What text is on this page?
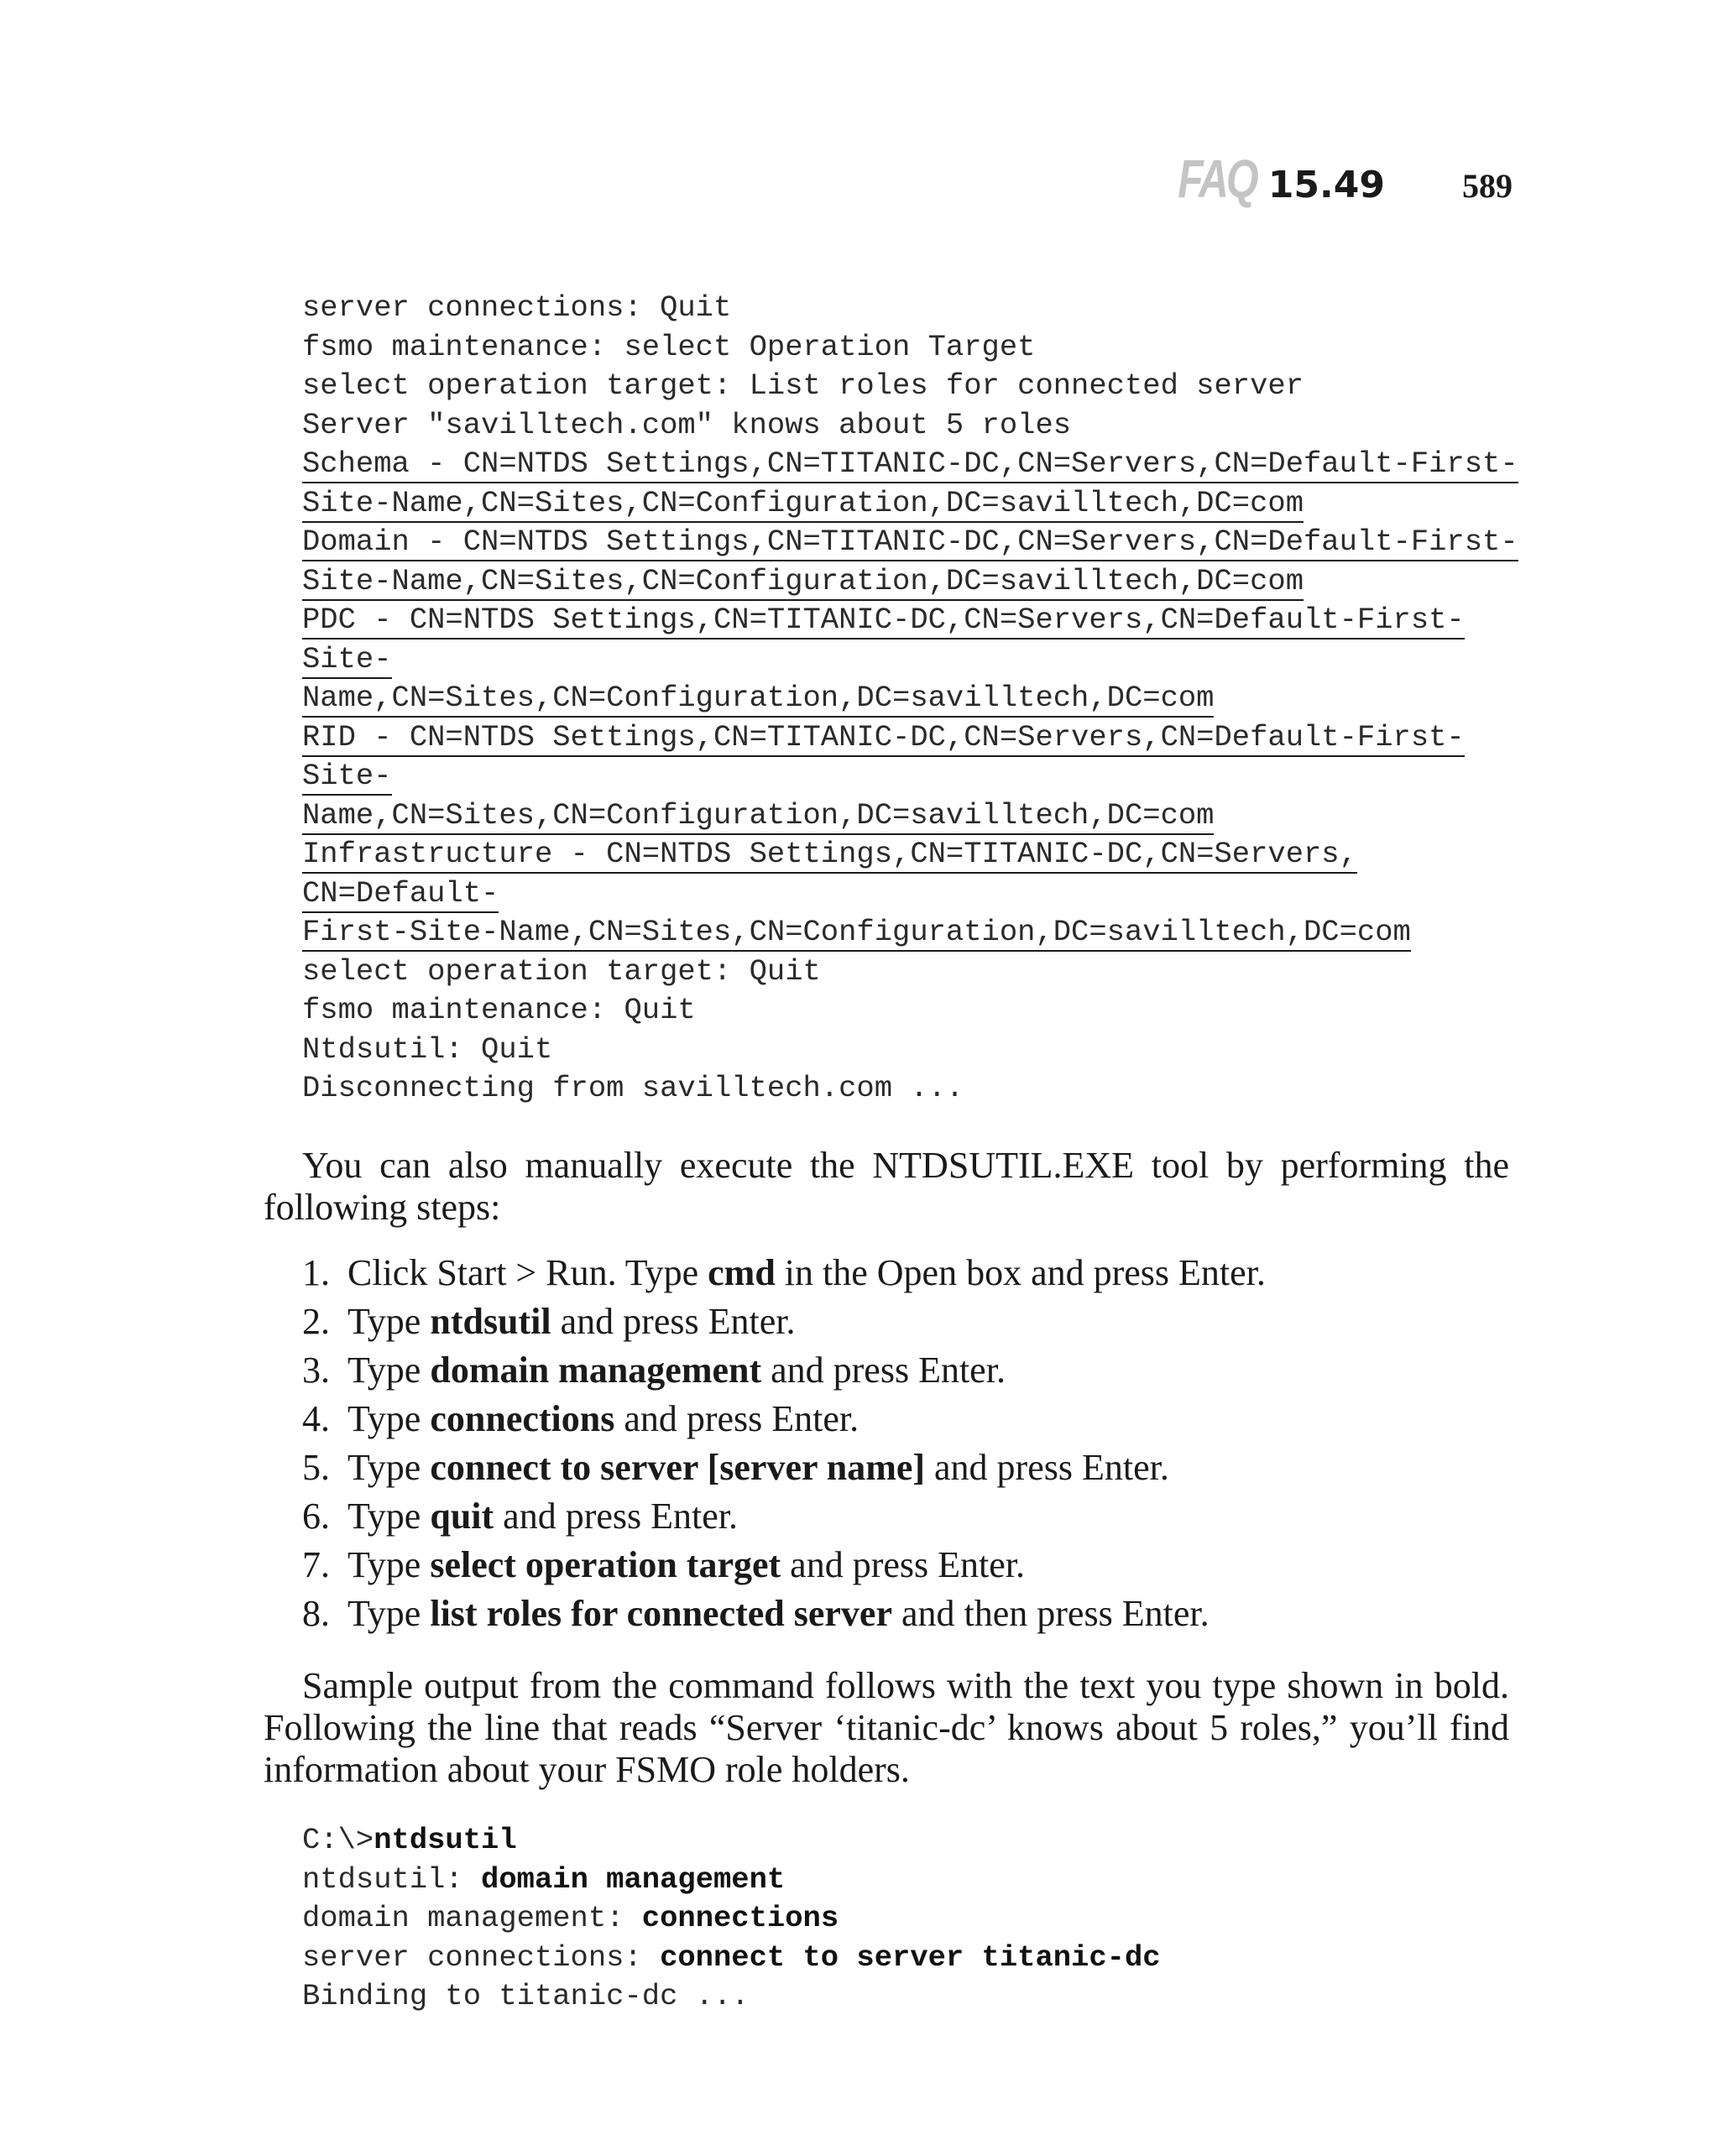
FAQ 15.49 589
server connections: Quit
fsmo maintenance: select Operation Target
select operation target: List roles for connected server
Server "savilltech.com" knows about 5 roles
Schema - CN=NTDS Settings,CN=TITANIC-DC,CN=Servers,CN=Default-First-
Site-Name,CN=Sites,CN=Configuration,DC=savilltech,DC=com
Domain - CN=NTDS Settings,CN=TITANIC-DC,CN=Servers,CN=Default-First-
Site-Name,CN=Sites,CN=Configuration,DC=savilltech,DC=com
PDC - CN=NTDS Settings,CN=TITANIC-DC,CN=Servers,CN=Default-First-
Site-
Name,CN=Sites,CN=Configuration,DC=savilltech,DC=com
RID - CN=NTDS Settings,CN=TITANIC-DC,CN=Servers,CN=Default-First-
Site-
Name,CN=Sites,CN=Configuration,DC=savilltech,DC=com
Infrastructure - CN=NTDS Settings,CN=TITANIC-DC,CN=Servers,
CN=Default-
First-Site-Name,CN=Sites,CN=Configuration,DC=savilltech,DC=com
select operation target: Quit
fsmo maintenance: Quit
Ntdsutil: Quit
Disconnecting from savilltech.com ...

You can also manually execute the NTDSUTIL.EXE tool by performing the following steps:

1. Click Start > Run. Type cmd in the Open box and press Enter.
2. Type ntdsutil and press Enter.
3. Type domain management and press Enter.
4. Type connections and press Enter.
5. Type connect to server [server name] and press Enter.
6. Type quit and press Enter.
7. Type select operation target and press Enter.
8. Type list roles for connected server and then press Enter.

Sample output from the command follows with the text you type shown in bold. Following the line that reads “Server ‘titanic-dc’ knows about 5 roles,” you’ll find information about your FSMO role holders.

C:\>ntdsutil
ntdsutil: domain management
domain management: connections
server connections: connect to server titanic-dc
Binding to titanic-dc ...
